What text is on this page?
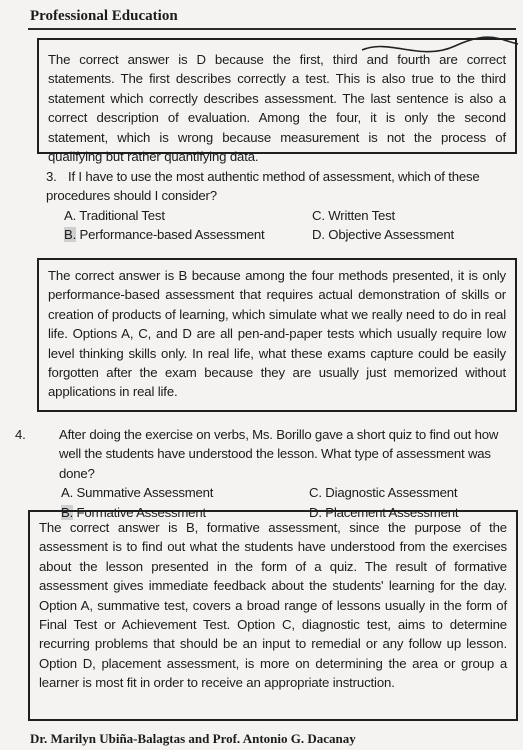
Professional Education
The correct answer is D because the first, third and fourth are correct statements. The first describes correctly a test. This is also true to the third statement which correctly describes assessment. The last sentence is also a correct description of evaluation. Among the four, it is only the second statement, which is wrong because measurement is not the process of qualifying but rather quantifying data.
3. If I have to use the most authentic method of assessment, which of these procedures should I consider?
A. Traditional Test	C. Written Test
B. Performance-based Assessment	D. Objective Assessment
The correct answer is B because among the four methods presented, it is only performance-based assessment that requires actual demonstration of skills or creation of products of learning, which simulate what we really need to do in real life. Options A, C, and D are all pen-and-paper tests which usually require low level thinking skills only. In real life, what these exams capture could be easily forgotten after the exam because they are usually just memorized without applications in real life.
4.	After doing the exercise on verbs, Ms. Borillo gave a short quiz to find out how well the students have understood the lesson. What type of assessment was done?
A. Summative Assessment	C. Diagnostic Assessment
B. Formative Assessment	D. Placement Assessment
The correct answer is B, formative assessment, since the purpose of the assessment is to find out what the students have understood from the exercises about the lesson presented in the form of a quiz. The result of formative assessment gives immediate feedback about the students' learning for the day. Option A, summative test, covers a broad range of lessons usually in the form of Final Test or Achievement Test. Option C, diagnostic test, aims to determine recurring problems that should be an input to remedial or any follow up lesson. Option D, placement assessment, is more on determining the area or group a learner is most fit in order to receive an appropriate instruction.
Dr. Marilyn Ubiña-Balagtas and Prof. Antonio G. Dacanay
